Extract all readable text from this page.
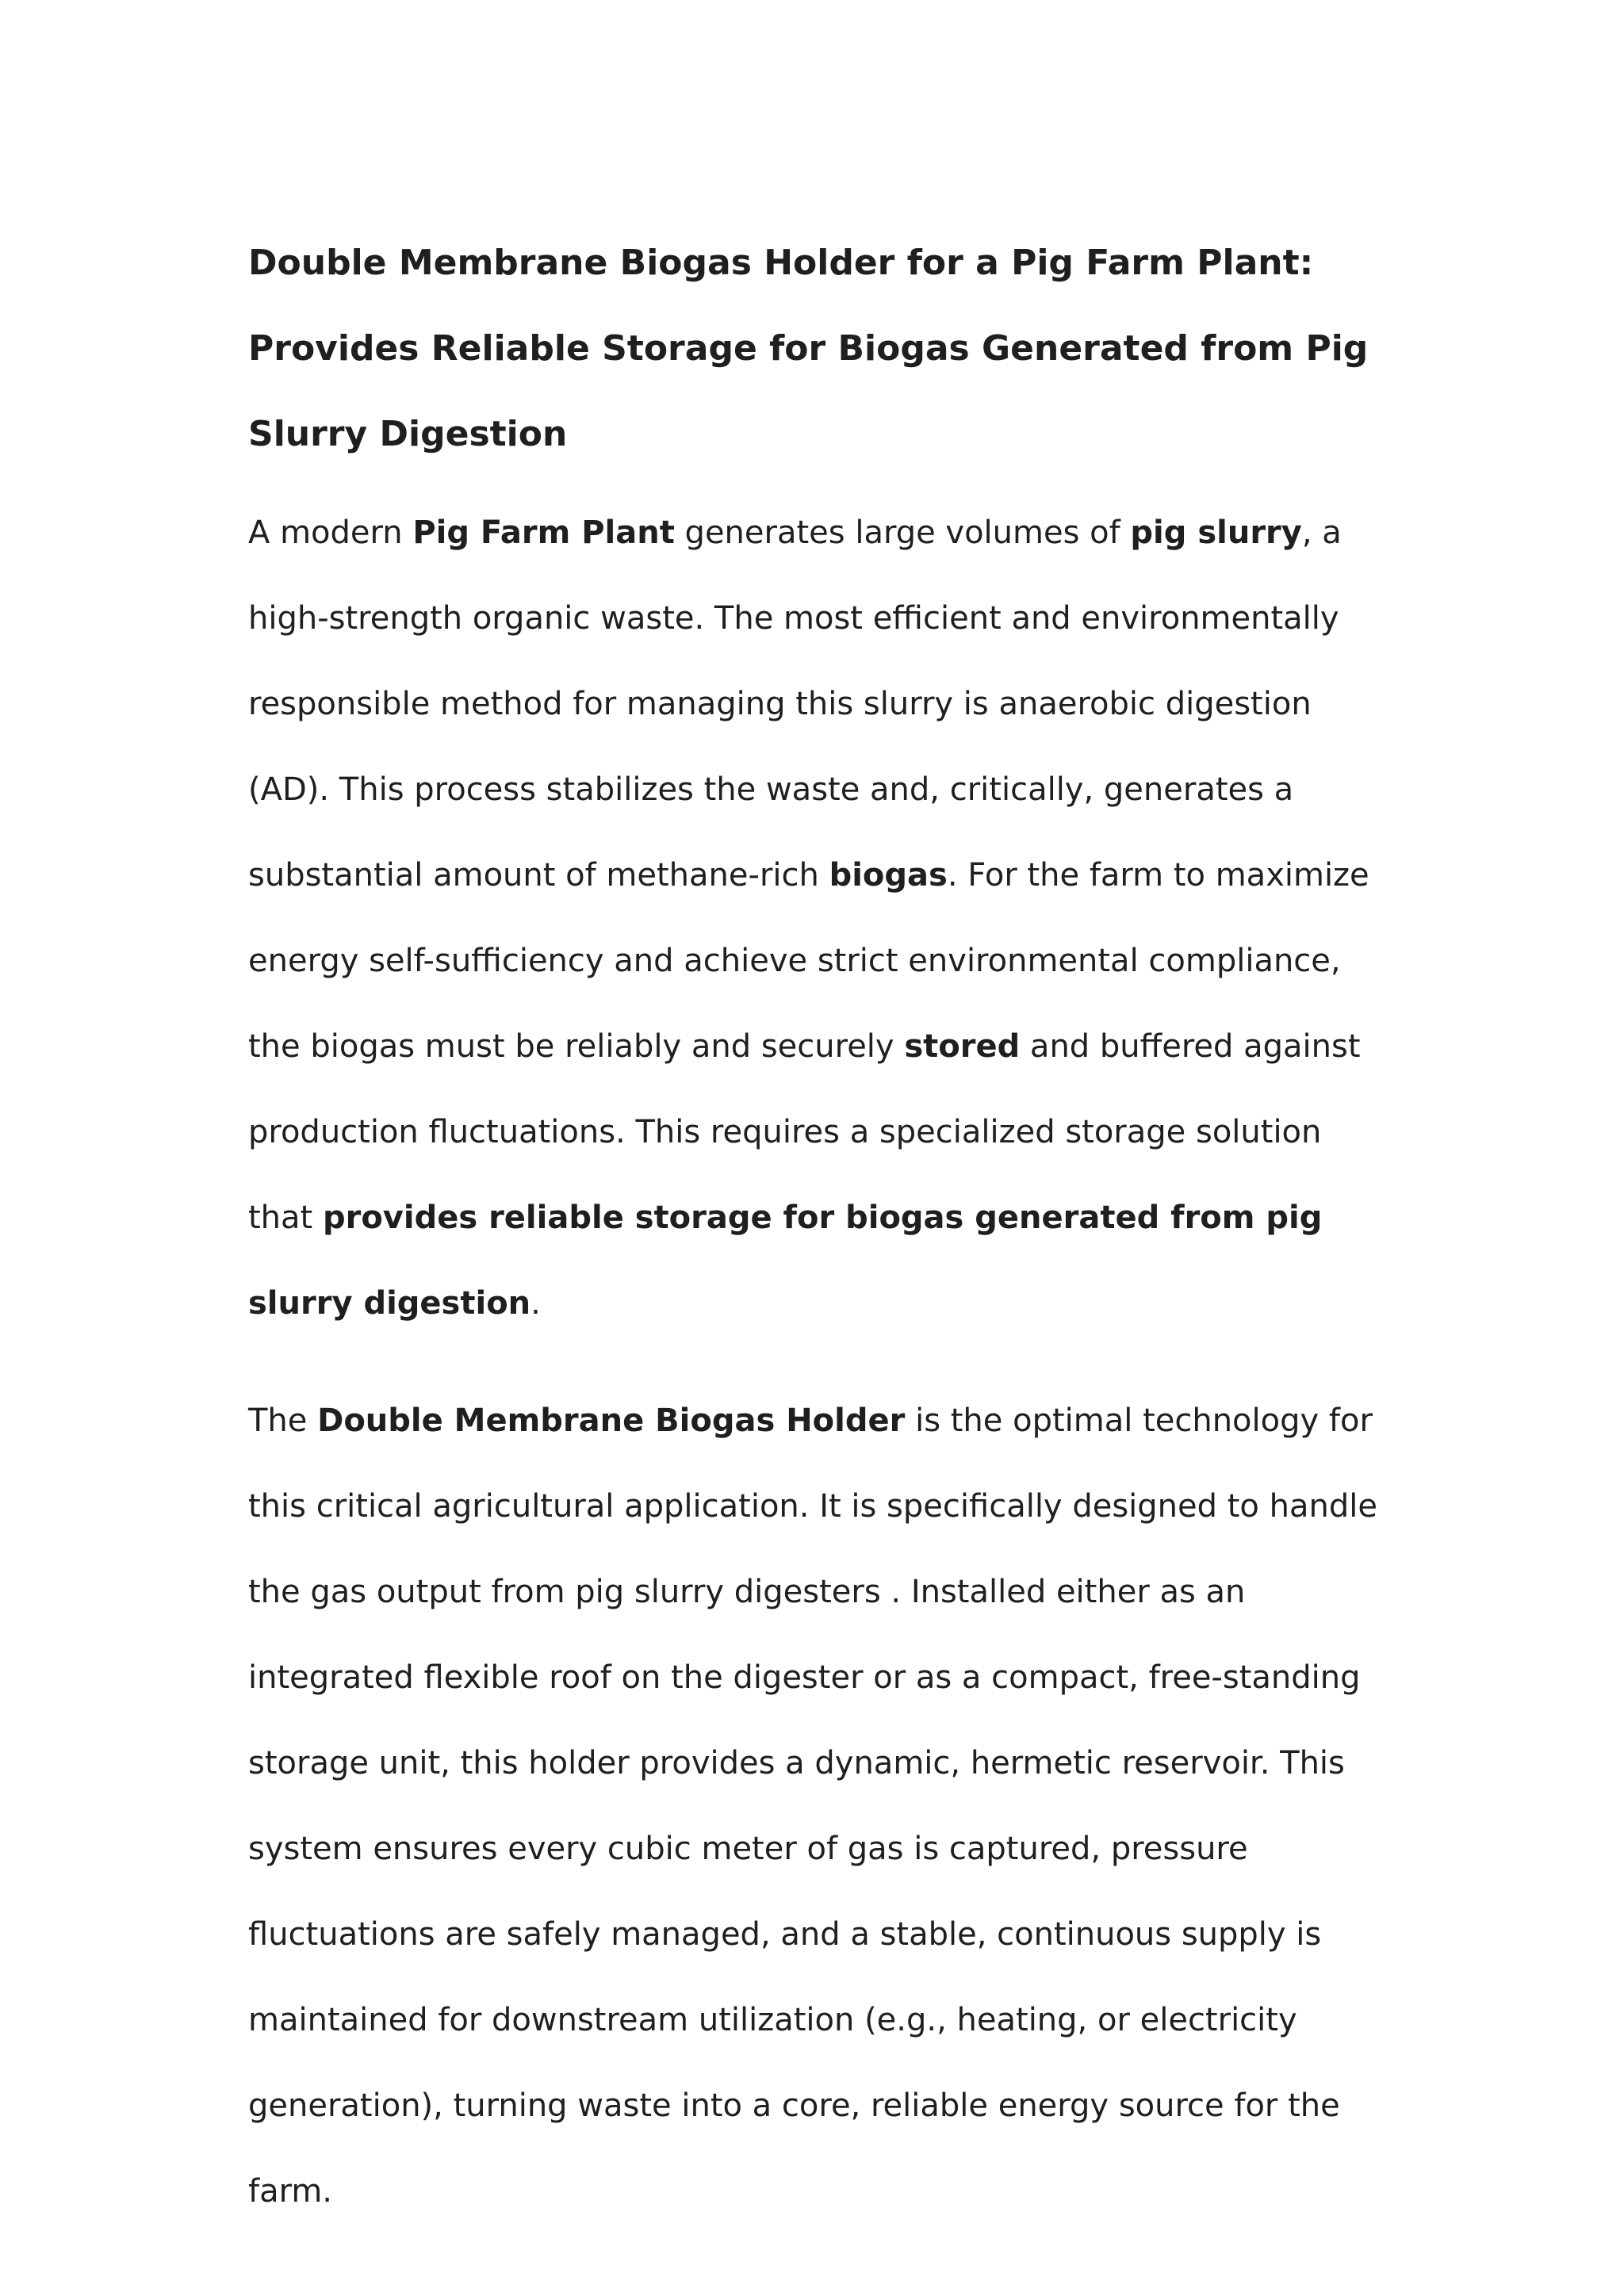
Double Membrane Biogas Holder for a Pig Farm Plant: Provides Reliable Storage for Biogas Generated from Pig Slurry Digestion

A modern Pig Farm Plant generates large volumes of pig slurry, a high-strength organic waste. The most efficient and environmentally responsible method for managing this slurry is anaerobic digestion (AD). This process stabilizes the waste and, critically, generates a substantial amount of methane-rich biogas. For the farm to maximize energy self-sufficiency and achieve strict environmental compliance, the biogas must be reliably and securely stored and buffered against production fluctuations. This requires a specialized storage solution that provides reliable storage for biogas generated from pig slurry digestion.

The Double Membrane Biogas Holder is the optimal technology for this critical agricultural application. It is specifically designed to handle the gas output from pig slurry digesters . Installed either as an integrated flexible roof on the digester or as a compact, free-standing storage unit, this holder provides a dynamic, hermetic reservoir. This system ensures every cubic meter of gas is captured, pressure fluctuations are safely managed, and a stable, continuous supply is maintained for downstream utilization (e.g., heating, or electricity generation), turning waste into a core, reliable energy source for the farm.
